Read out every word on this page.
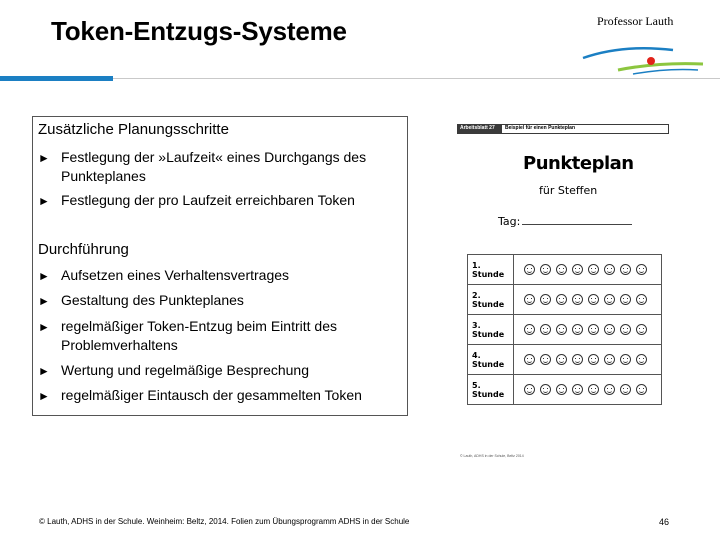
Token-Entzugs-Systeme	Professor Lauth
Zusätzliche Planungsschritte
► Festlegung der »Laufzeit« eines Durchgangs des Punkteplanes
► Festlegung der pro Laufzeit erreichbaren Token
Durchführung
► Aufsetzen eines Verhaltensvertrages
► Gestaltung des Punkteplanes
► regelmäßiger Token-Entzug beim Eintritt des Problemverhaltens
► Wertung und regelmäßige Besprechung
► regelmäßiger Eintausch der gesammelten Token
Arbeitsblatt 27	Beispiel für einen Punkteplan
Punkteplan
für Steffen
Tag:
1. Stunde
2. Stunde
3. Stunde
4. Stunde
5. Stunde
© Lauth, ADHS in der Schule, Beltz 2014
© Lauth, ADHS in der Schule. Weinheim: Beltz, 2014. Folien zum Übungsprogramm ADHS in der Schule	46
